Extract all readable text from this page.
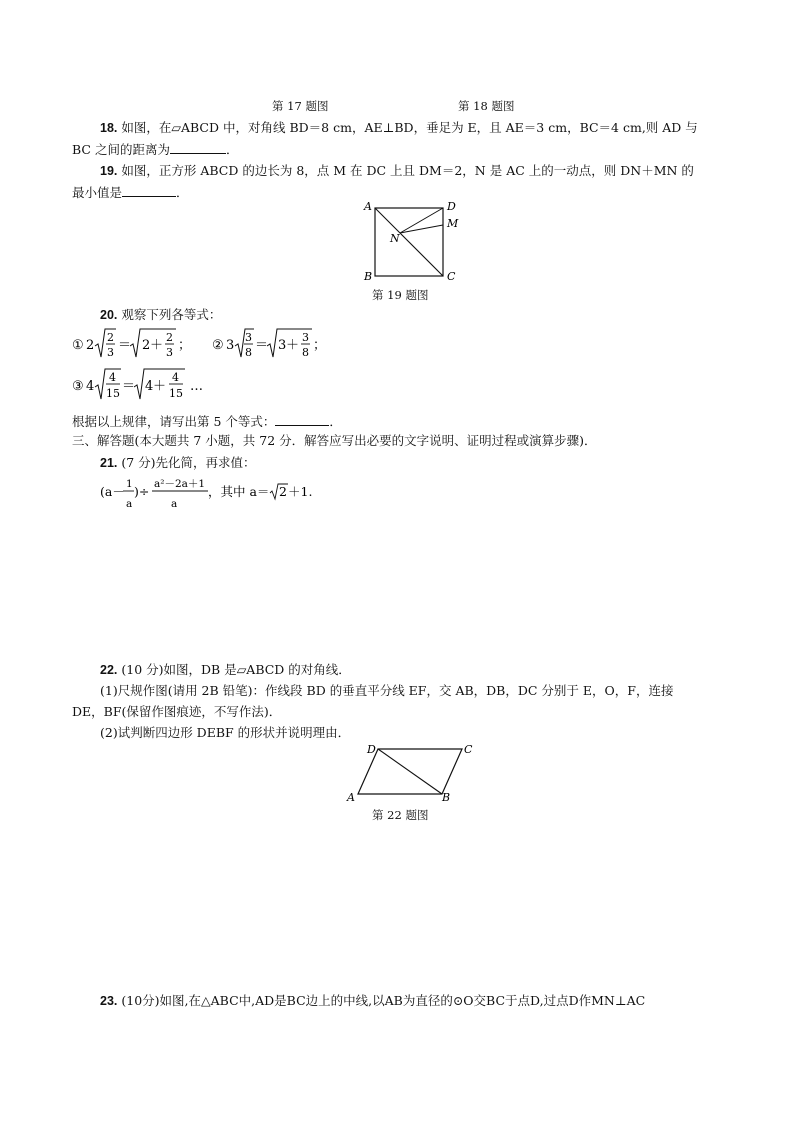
第 17 题图	第 18 题图
18. 如图，在▱ABCD 中，对角线 BD＝8 cm，AE⊥BD，垂足为 E，且 AE＝3 cm，BC＝4 cm,则 AD 与
BC 之间的距离为	．
19. 如图，正方形 ABCD 的边长为 8，点 M 在 DC 上且 DM＝2，N 是 AC 上的一动点，则 DN＋MN 的
最小值是	．
A	D
M
N
B	C
第 19 题图
20. 观察下列各等式：
① 2
2
3 ＝ 2 ＋
2
3 ； ② 3
3
8 ＝ 3 ＋
3
8 ；
③ 4
4
15 ＝ 4 ＋
4
15 …
根据以上规律，请写出第 5 个等式：	．
三、解答题(本大题共 7 小题，共 72 分．解答应写出必要的文字说明、证明过程或演算步骤)．
21. (7 分)先化简，再求值：
(a－ 1
a
)÷ a²－2a＋1
a
，其中 a＝ 2 ＋1.
22. (10 分)如图，DB 是▱ABCD 的对角线．
(1)尺规作图(请用 2B 铅笔)：作线段 BD 的垂直平分线 EF，交 AB，DB，DC 分别于 E，O，F，连接
DE，BF(保留作图痕迹，不写作法)．
(2)试判断四边形 DEBF 的形状并说明理由．
A
D	C
B
第 22 题图
23. (10分)如图,在△ABC中,AD是BC边上的中线,以AB为直径的⊙O交BC于点D,过点D作MN⊥AC
